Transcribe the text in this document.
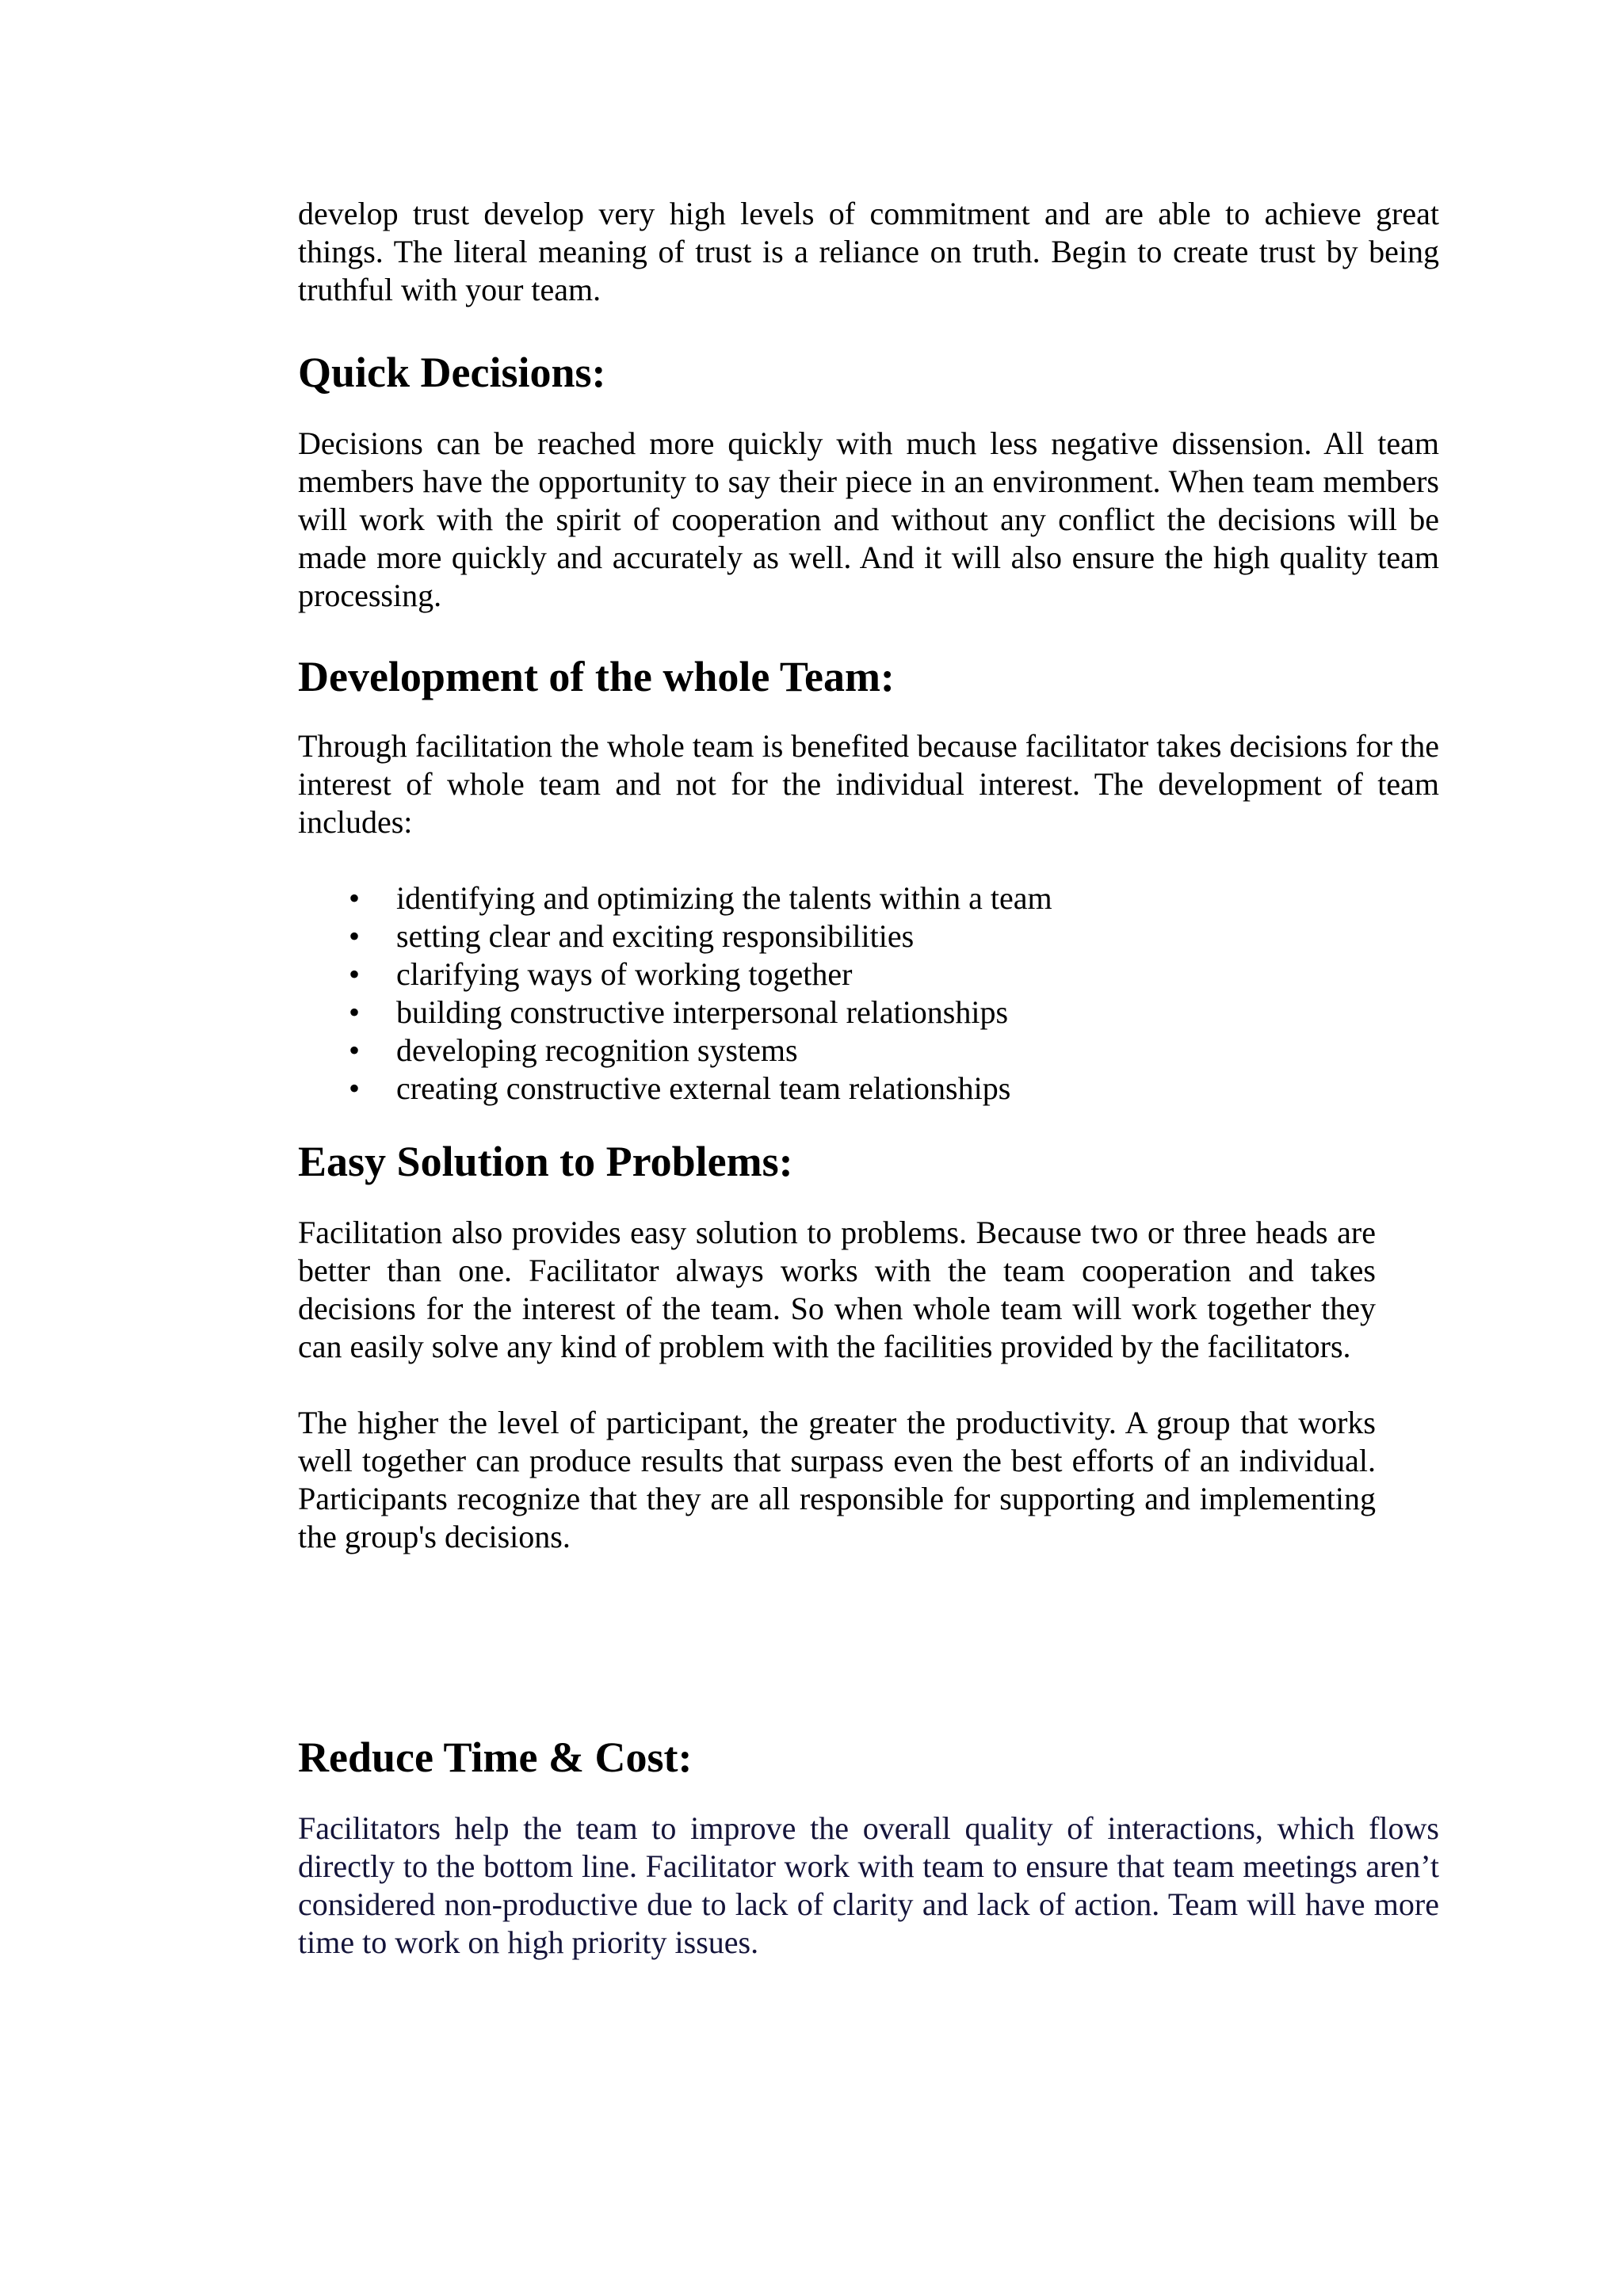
develop trust develop very high levels of commitment and are able to achieve great things. The literal meaning of trust is a reliance on truth. Begin to create trust by being truthful with your team.

Quick Decisions:

Decisions can be reached more quickly with much less negative dissension. All team members have the opportunity to say their piece in an environment. When team members will work with the spirit of cooperation and without any conflict the decisions will be made more quickly and accurately as well. And it will also ensure the high quality team processing.

Development of the whole Team:

Through facilitation the whole team is benefited because facilitator takes decisions for the interest of whole team and not for the individual interest. The development of team includes:

• identifying and optimizing the talents within a team
• setting clear and exciting responsibilities
• clarifying ways of working together
• building constructive interpersonal relationships
• developing recognition systems
• creating constructive external team relationships
Easy Solution to Problems:

Facilitation also provides easy solution to problems. Because two or three heads are better than one. Facilitator always works with the team cooperation and takes decisions for the interest of the team. So when whole team will work together they can easily solve any kind of problem with the facilities provided by the facilitators.

The higher the level of participant, the greater the productivity. A group that works well together can produce results that surpass even the best efforts of an individual. Participants recognize that they are all responsible for supporting and implementing the group's decisions.

Reduce Time & Cost:

Facilitators help the team to improve the overall quality of interactions, which flows directly to the bottom line. Facilitator work with team to ensure that team meetings aren’t considered non-productive due to lack of clarity and lack of action. Team will have more time to work on high priority issues.
